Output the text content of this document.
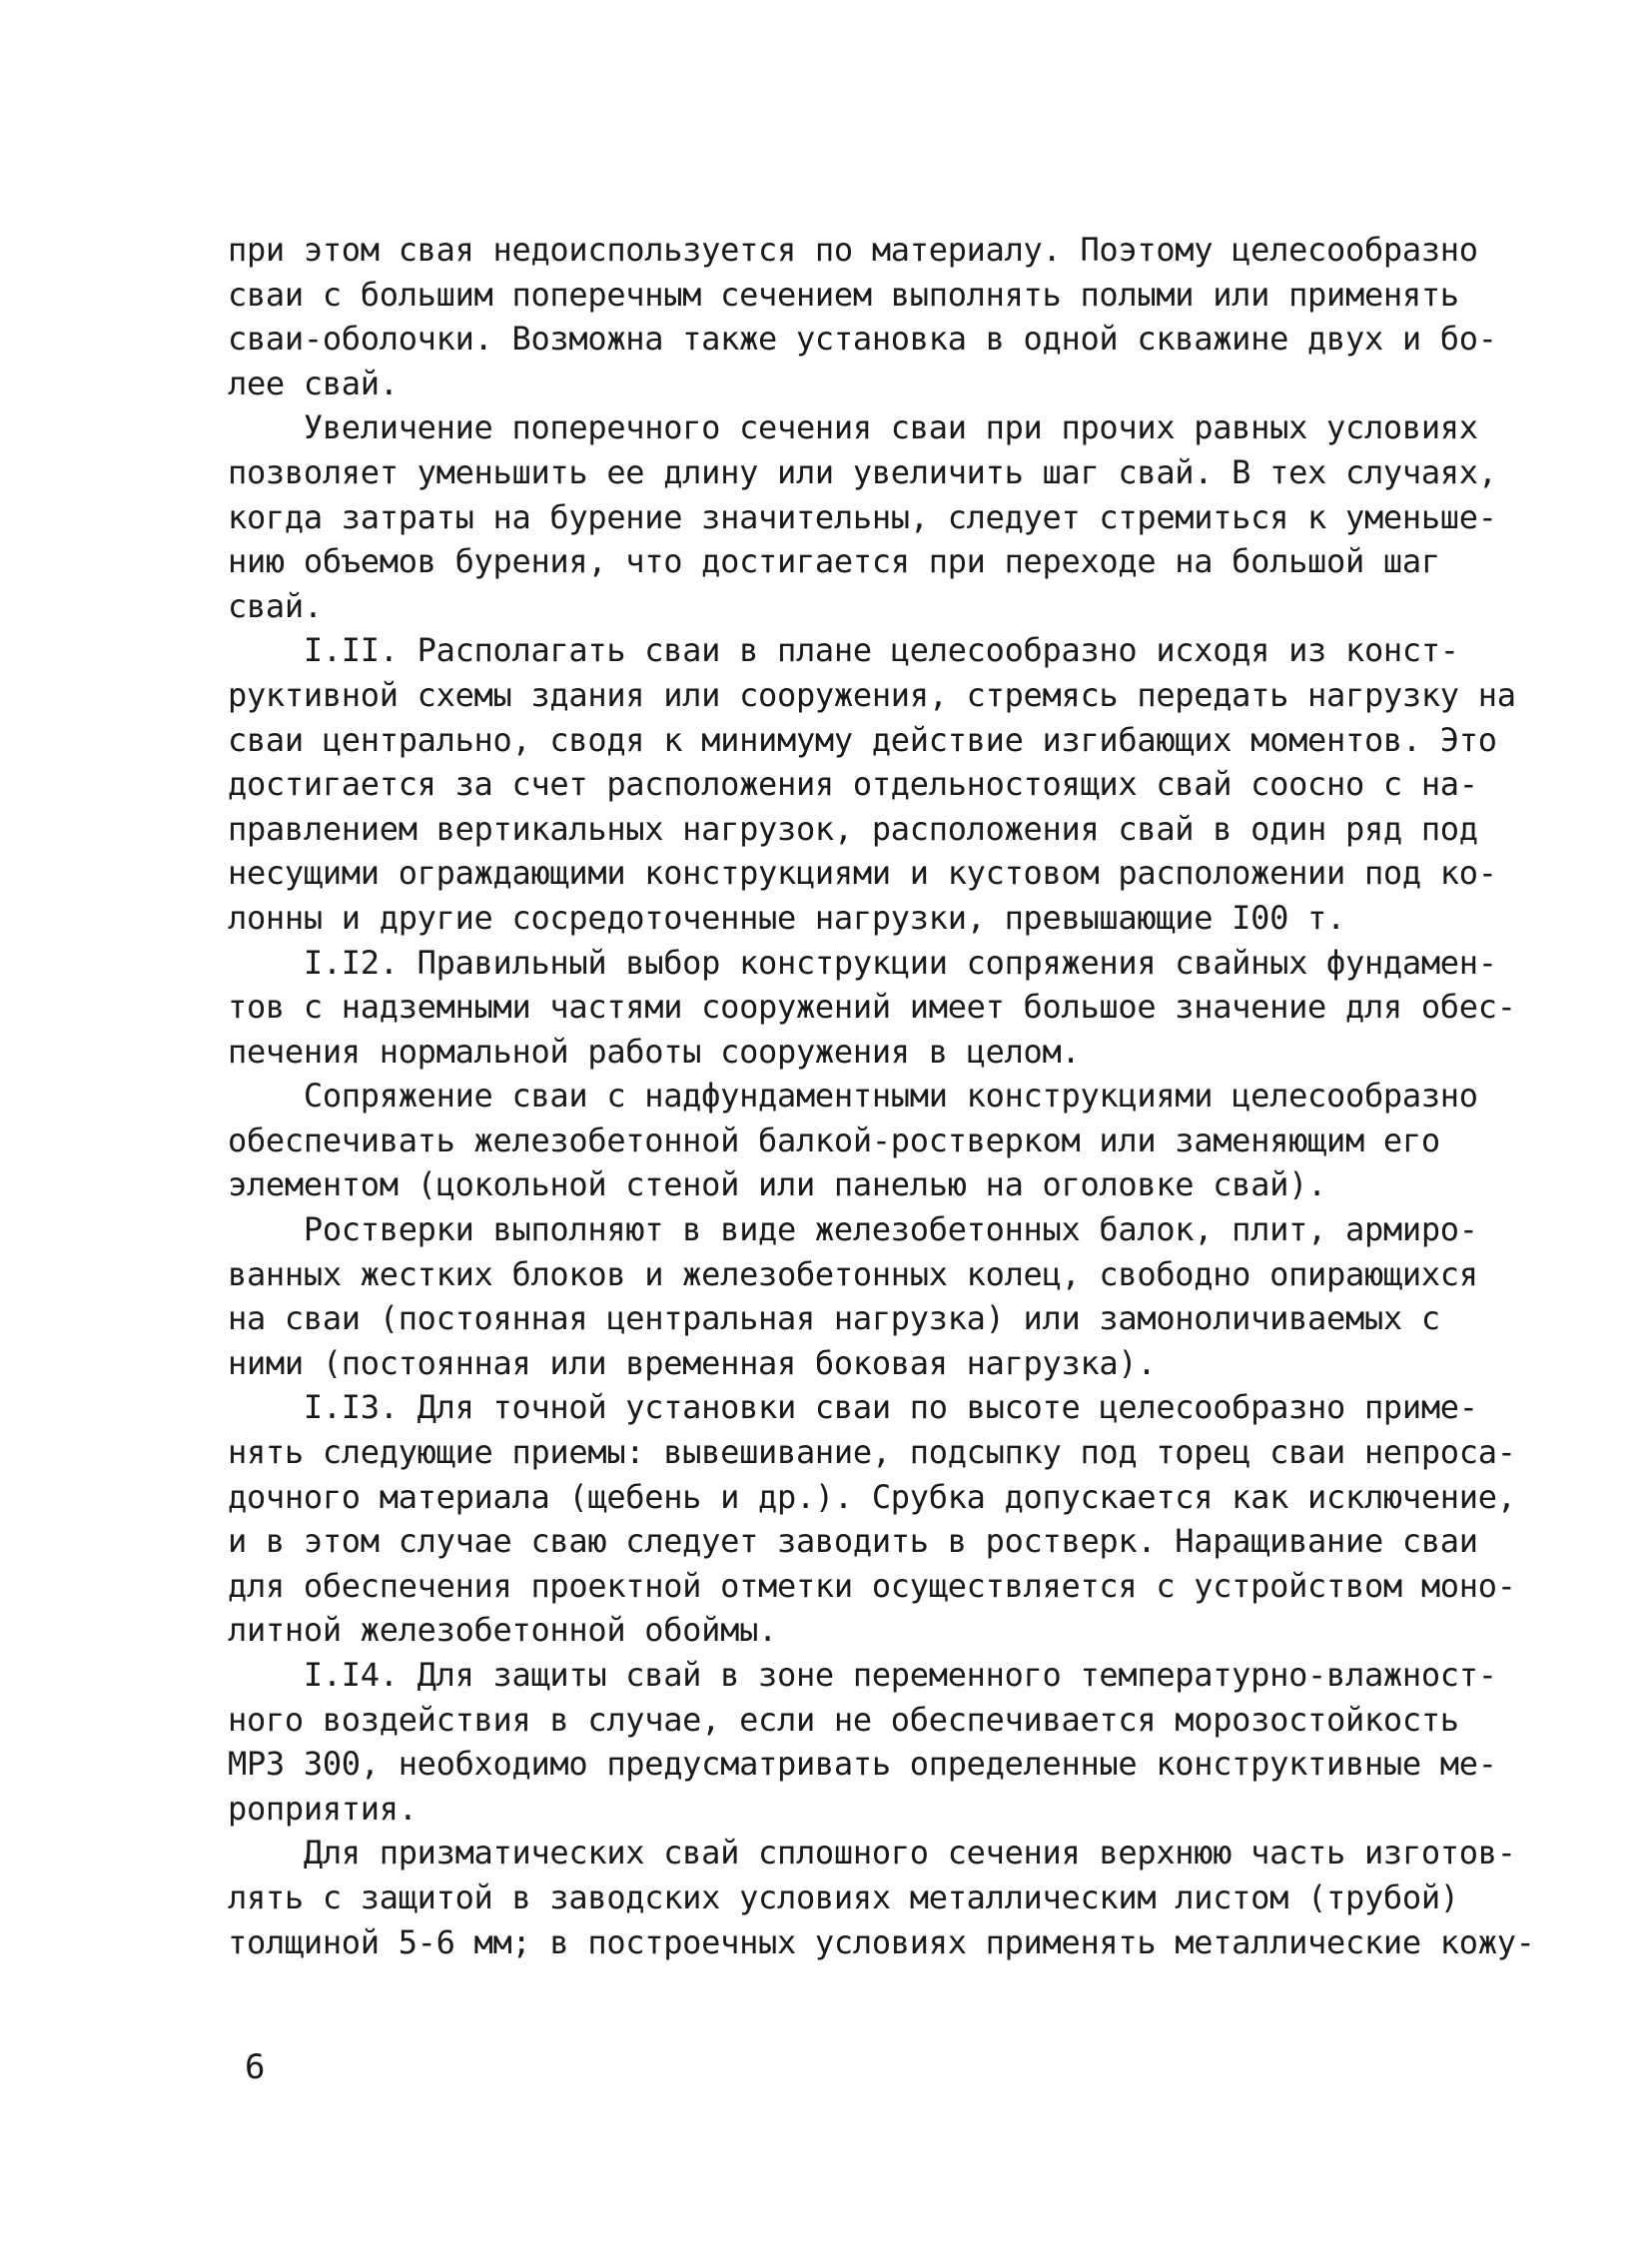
при этом свая недоиспользуется по материалу. Поэтому целесообразно
сваи с большим поперечным сечением выполнять полыми или применять
сваи-оболочки. Возможна также установка в одной скважине двух и бо-
лее свай.
Увеличение поперечного сечения сваи при прочих равных условиях
позволяет уменьшить ее длину или увеличить шаг свай. В тех случаях,
когда затраты на бурение значительны, следует стремиться к уменьше-
нию объемов бурения, что достигается при переходе на большой шаг
свай.
I.II. Располагать сваи в плане целесообразно исходя из конст-
руктивной схемы здания или сооружения, стремясь передать нагрузку на
сваи центрально, сводя к минимуму действие изгибающих моментов. Это
достигается за счет расположения отдельностоящих свай соосно с на-
правлением вертикальных нагрузок, расположения свай в один ряд под
несущими ограждающими конструкциями и кустовом расположении под ко-
лонны и другие сосредоточенные нагрузки, превышающие I00 т.
I.I2. Правильный выбор конструкции сопряжения свайных фундамен-
тов с надземными частями сооружений имеет большое значение для обес-
печения нормальной работы сооружения в целом.
Сопряжение сваи с надфундаментными конструкциями целесообразно
обеспечивать железобетонной балкой-ростверком или заменяющим его
элементом (цокольной стеной или панелью на оголовке свай).
Ростверки выполняют в виде железобетонных балок, плит, армиро-
ванных жестких блоков и железобетонных колец, свободно опирающихся
на сваи (постоянная центральная нагрузка) или замоноличиваемых с
ними (постоянная или временная боковая нагрузка).
I.I3. Для точной установки сваи по высоте целесообразно приме-
нять следующие приемы: вывешивание, подсыпку под торец сваи непроса-
дочного материала (щебень и др.). Срубка допускается как исключение,
и в этом случае сваю следует заводить в ростверк. Наращивание сваи
для обеспечения проектной отметки осуществляется с устройством моно-
литной железобетонной обоймы.
I.I4. Для защиты свай в зоне переменного температурно-влажност-
ного воздействия в случае, если не обеспечивается морозостойкость
МРЗ 300, необходимо предусматривать определенные конструктивные ме-
роприятия.
Для призматических свай сплошного сечения верхнюю часть изготов-
лять с защитой в заводских условиях металлическим листом (трубой)
толщиной 5-6 мм; в построечных условиях применять металлические кожу-
6
